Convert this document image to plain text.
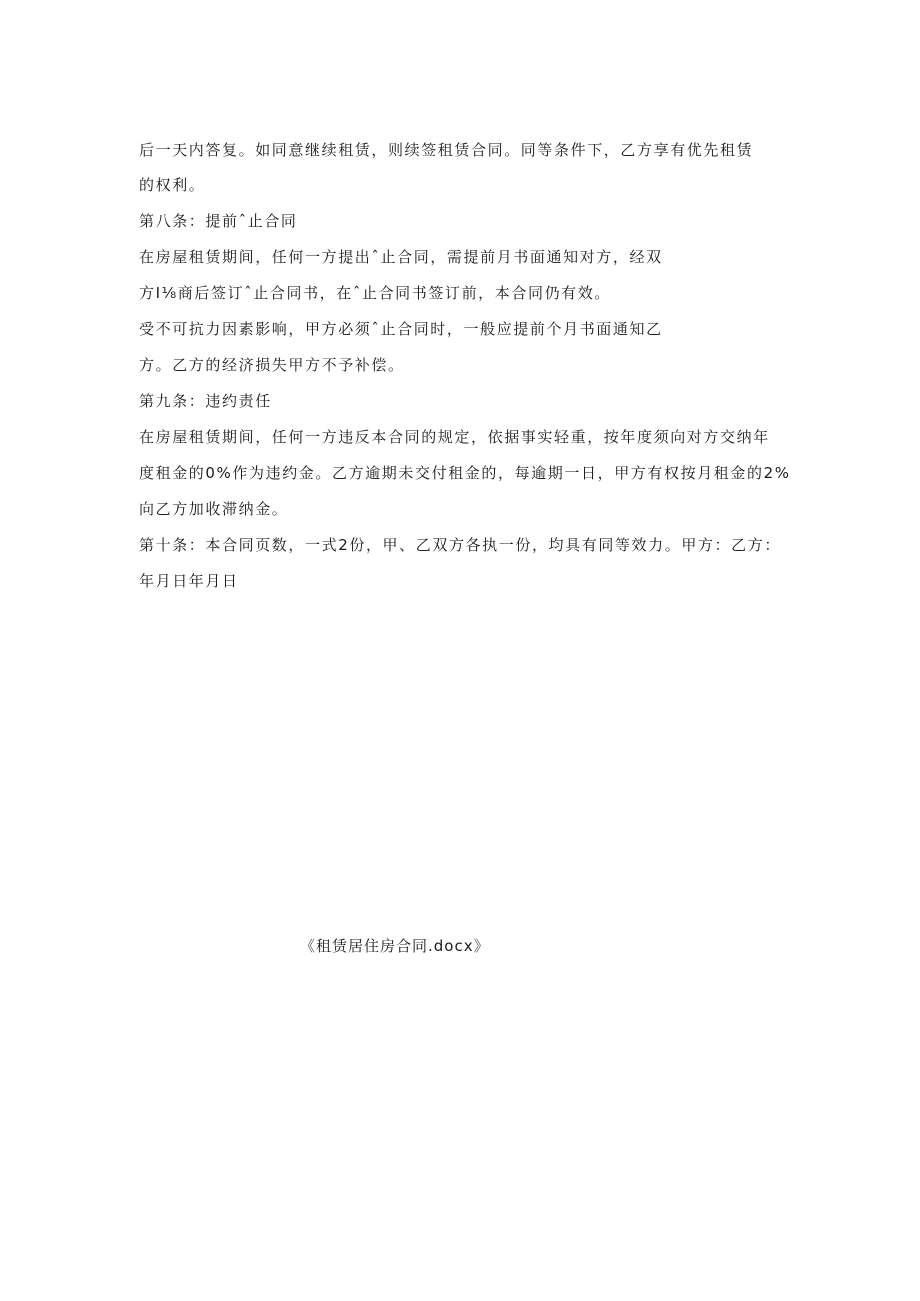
后一天内答复。如同意继续租赁，则续签租赁合同。同等条件下，乙方享有优先租赁
的权利。
第八条：提前ˆ止合同
在房屋租赁期间，任何一方提出ˆ止合同，需提前月书面通知对方，经双
方I⅛商后签订ˆ止合同书，在ˆ止合同书签订前，本合同仍有效。
受不可抗力因素影响，甲方必须ˆ止合同时，一般应提前个月书面通知乙
方。乙方的经济损失甲方不予补偿。
第九条：违约责任
在房屋租赁期间，任何一方违反本合同的规定，依据事实轻重，按年度须向对方交纳年
度租金的0%作为违约金。乙方逾期未交付租金的，每逾期一日，甲方有权按月租金的2%
向乙方加收滞纳金。
第十条：本合同页数，一式2份，甲、乙双方各执一份，均具有同等效力。甲方：乙方：
年月日年月日
《租赁居住房合同.docx》
